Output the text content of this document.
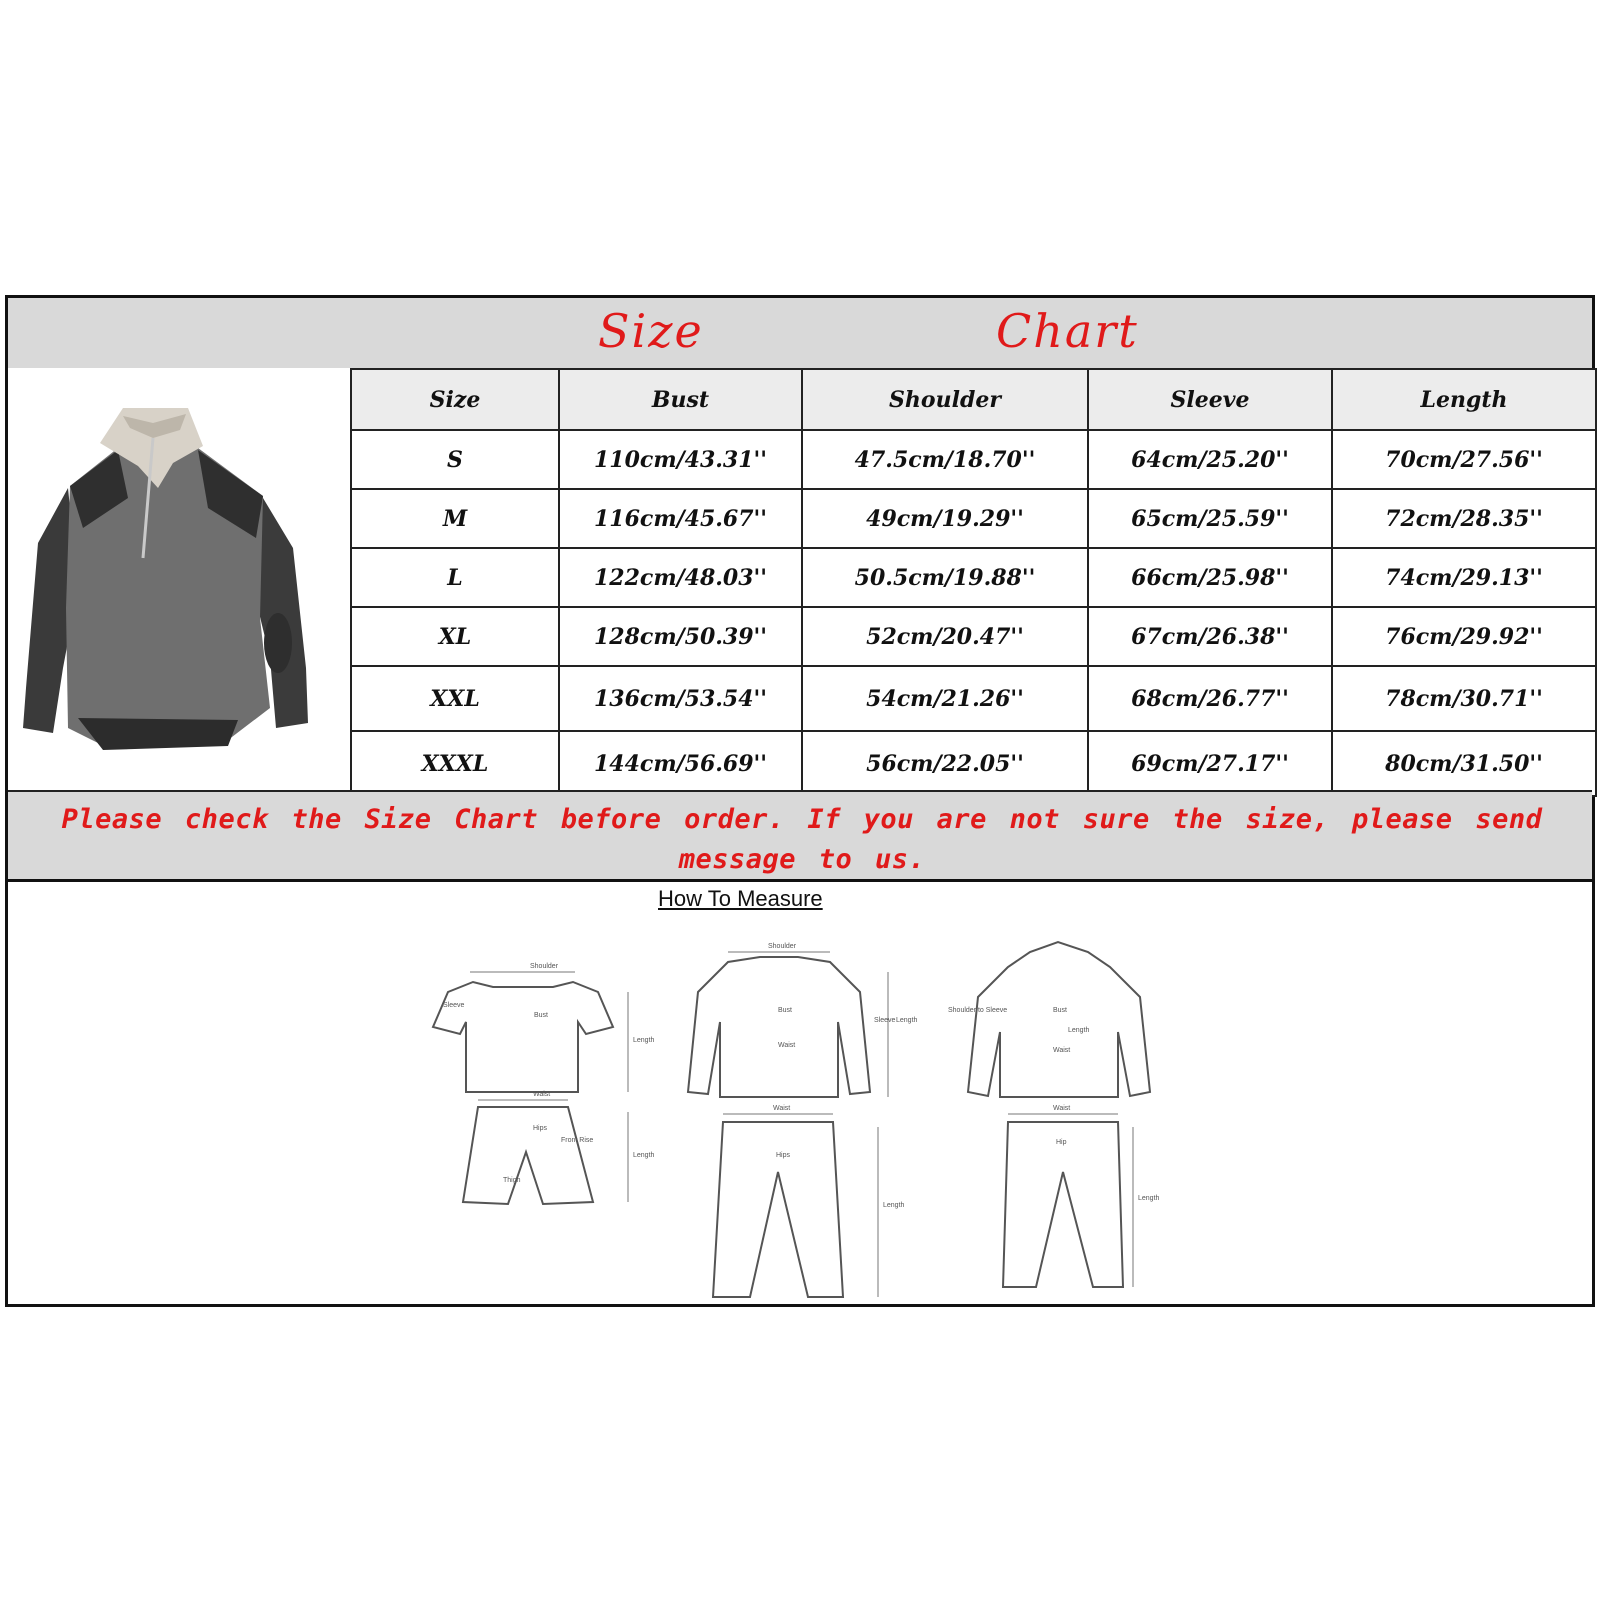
Size	Chart
Size	Bust	Shoulder	Sleeve	Length
S	110cm/43.31''	47.5cm/18.70''	64cm/25.20''	70cm/27.56''
M	116cm/45.67''	49cm/19.29''	65cm/25.59''	72cm/28.35''
L	122cm/48.03''	50.5cm/19.88''	66cm/25.98''	74cm/29.13''
XL	128cm/50.39''	52cm/20.47''	67cm/26.38''	76cm/29.92''
XXL	136cm/53.54''	54cm/21.26''	68cm/26.77''	78cm/30.71''
XXXL	144cm/56.69''	56cm/22.05''	69cm/27.17''	80cm/31.50''
Please check the Size Chart before order. If you are not sure the size, please send message to us.
How To Measure
Shoulder
Sleeve
Bust
Length
Waist
Hips
Front Rise
Thigh
Length
Shoulder
Bust
Waist
Sleeve Length
Waist
Hips
Length
Shoulder to Sleeve	Bust
Length
Waist
Waist
Hip
Length
